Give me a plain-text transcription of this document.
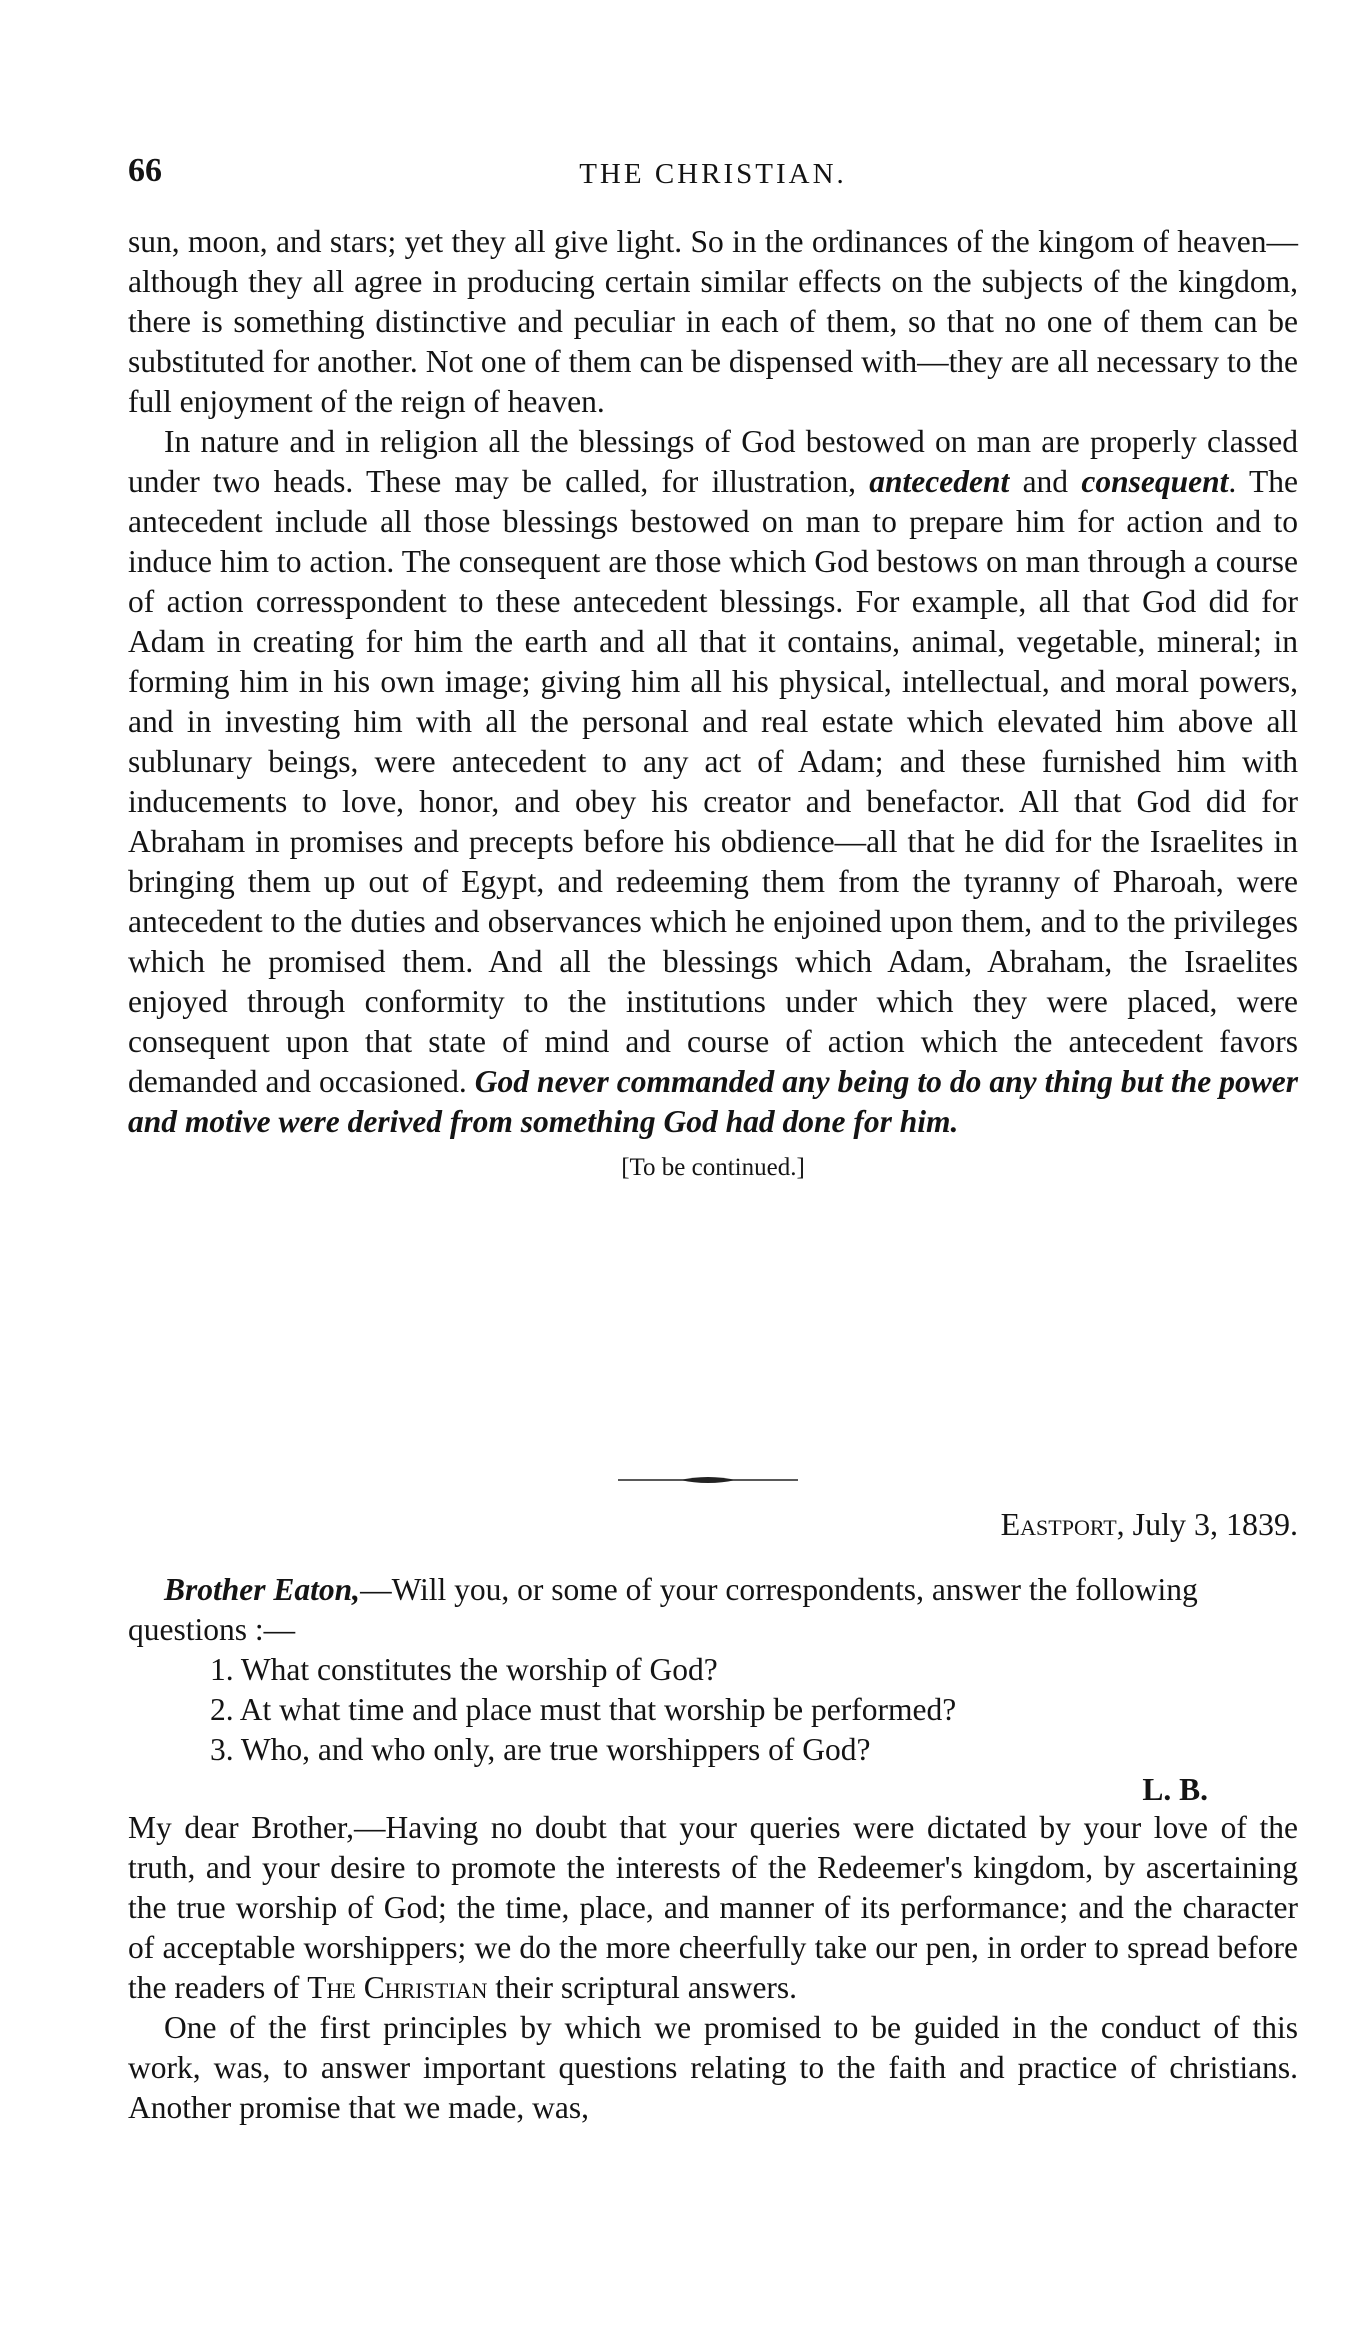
66	THE CHRISTIAN.

sun, moon, and stars; yet they all give light. So in the ordinances of the kingom of heaven—although they all agree in producing certain similar effects on the subjects of the kingdom, there is something distinctive and peculiar in each of them, so that no one of them can be substituted for another. Not one of them can be dispensed with—they are all necessary to the full enjoyment of the reign of heaven.

In nature and in religion all the blessings of God bestowed on man are properly classed under two heads. These may be called, for illustration, antecedent and consequent. The antecedent include all those blessings bestowed on man to prepare him for action and to induce him to action. The consequent are those which God bestows on man through a course of action corresspondent to these antecedent blessings. For example, all that God did for Adam in creating for him the earth and all that it contains, animal, vegetable, mineral; in forming him in his own image; giving him all his physical, intellectual, and moral powers, and in investing him with all the personal and real estate which elevated him above all sublunary beings, were antecedent to any act of Adam; and these furnished him with inducements to love, honor, and obey his creator and benefactor. All that God did for Abraham in promises and precepts before his obdience—all that he did for the Israelites in bringing them up out of Egypt, and redeeming them from the tyranny of Pharoah, were antecedent to the duties and observances which he enjoined upon them, and to the privileges which he promised them. And all the blessings which Adam, Abraham, the Israelites enjoyed through conformity to the institutions under which they were placed, were consequent upon that state of mind and course of action which the antecedent favors demanded and occasioned. God never commanded any being to do any thing but the power and motive were derived from something God had done for him.

[To be continued.]
Eastport, July 3, 1839.

Brother Eaton,—Will you, or some of your correspondents, answer the following questions :—

1. What constitutes the worship of God?
2. At what time and place must that worship be performed?
3. Who, and who only, are true worshippers of God?
L. B.

My dear Brother,—Having no doubt that your queries were dictated by your love of the truth, and your desire to promote the interests of the Redeemer's kingdom, by ascertaining the true worship of God; the time, place, and manner of its performance; and the character of acceptable worshippers; we do the more cheerfully take our pen, in order to spread before the readers of The Christian their scriptural answers.

One of the first principles by which we promised to be guided in the conduct of this work, was, to answer important questions relating to the faith and practice of christians. Another promise that we made, was,
